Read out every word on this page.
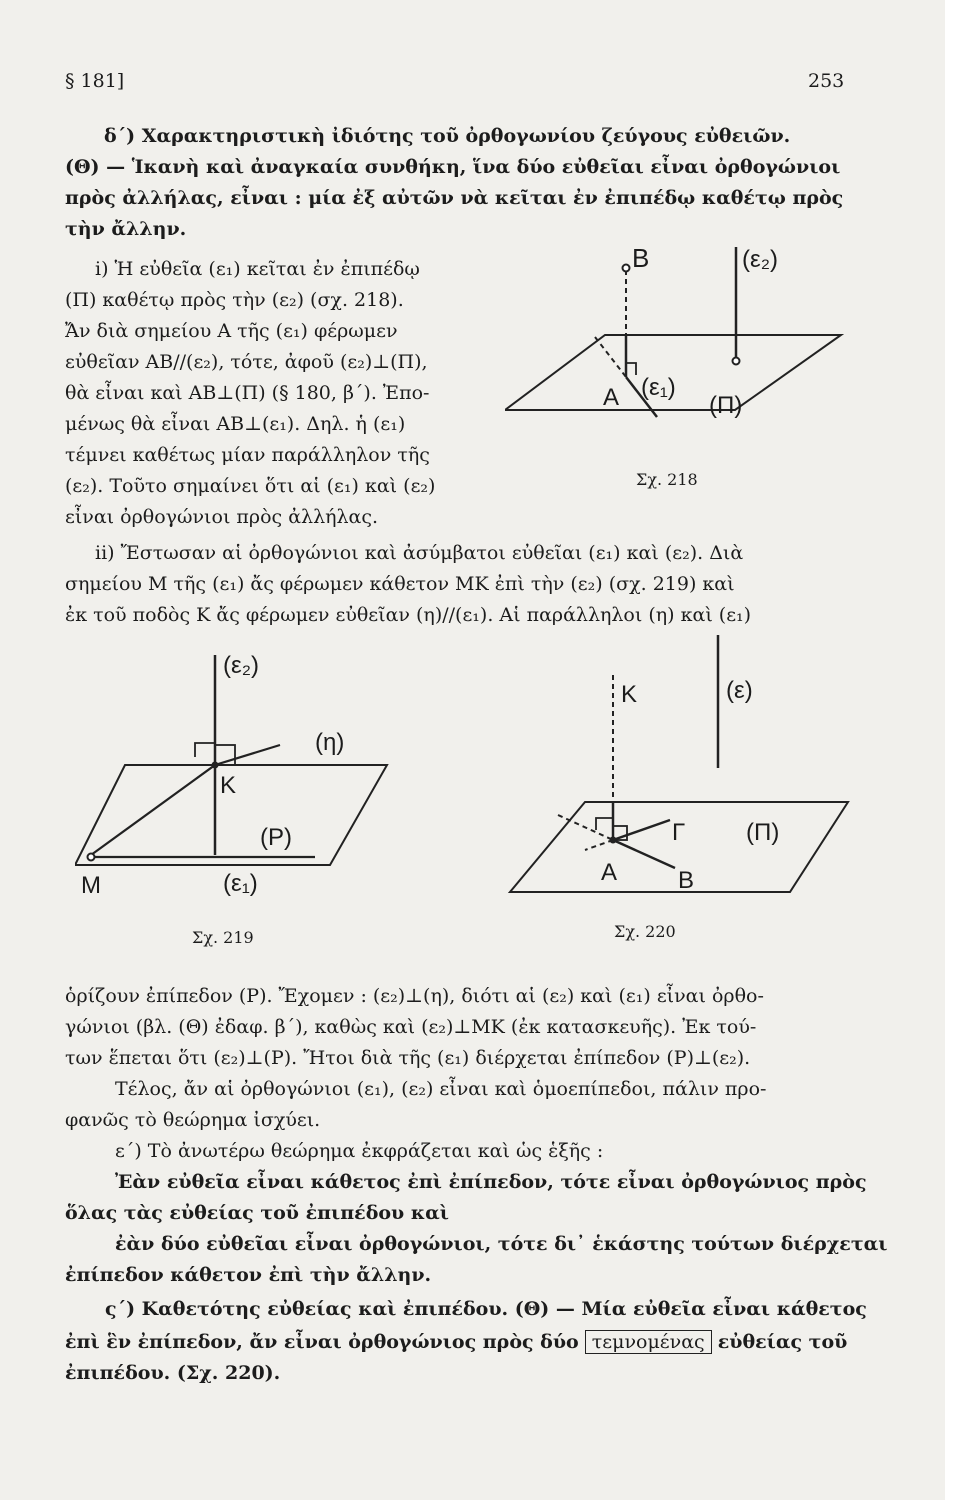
§ 181]	253
δ΄) Χαρακτηριστικὴ ἰδιότης τοῦ ὀρθογωνίου ζεύγους εὐθειῶν.
(Θ) — Ἱκανὴ καὶ ἀναγκαία συνθήκη, ἵνα δύο εὐθεῖαι εἶναι ὀρθογώνιοι
πρὸς ἀλλήλας, εἶναι : μία ἐξ αὐτῶν νὰ κεῖται ἐν ἐπιπέδῳ καθέτῳ πρὸς
τὴν ἄλλην.
i) Ἡ εὐθεῖα (ε₁) κεῖται ἐν ἐπιπέδῳ
(Π) καθέτῳ πρὸς τὴν (ε₂) (σχ. 218).
Ἄν διὰ σημείου Α τῆς (ε₁) φέρωμεν
εὐθεῖαν ΑΒ//(ε₂), τότε, ἀφοῦ (ε₂)⊥(Π),
θὰ εἶναι καὶ ΑΒ⊥(Π) (§ 180, β΄). Ἐπο-
μένως θὰ εἶναι ΑΒ⊥(ε₁). Δηλ. ἡ (ε₁)
τέμνει καθέτως μίαν παράλληλον τῆς
(ε₂). Τοῦτο σημαίνει ὅτι αἱ (ε₁) καὶ (ε₂)
εἶναι ὀρθογώνιοι πρὸς ἀλλήλας.
B	(ε₂)
A (ε₁)
(Π)
Σχ. 218
ii) Ἔστωσαν αἱ ὀρθογώνιοι καὶ ἀσύμβατοι εὐθεῖαι (ε₁) καὶ (ε₂). Διὰ
σημείου Μ τῆς (ε₁) ἄς φέρωμεν κάθετον ΜΚ ἐπὶ τὴν (ε₂) (σχ. 219) καὶ
ἐκ τοῦ ποδὸς Κ ἄς φέρωμεν εὐθεῖαν (η)//(ε₁). Αἱ παράλληλοι (η) καὶ (ε₁)
(ε₂)
(η)
K
(P)
M	(ε₁)
Σχ. 219
K	(ε)
Γ	(Π)
A	B
Σχ. 220
ὁρίζουν ἐπίπεδον (Ρ). Ἔχομεν : (ε₂)⊥(η), διότι αἱ (ε₂) καὶ (ε₁) εἶναι ὀρθο-
γώνιοι (βλ. (Θ) ἐδαφ. β΄), καθὼς καὶ (ε₂)⊥ΜΚ (ἐκ κατασκευῆς). Ἐκ τού-
των ἕπεται ὅτι (ε₂)⊥(Ρ). Ἤτοι διὰ τῆς (ε₁) διέρχεται ἐπίπεδον (Ρ)⊥(ε₂).
Τέλος, ἄν αἱ ὀρθογώνιοι (ε₁), (ε₂) εἶναι καὶ ὁμοεπίπεδοι, πάλιν προ-
φανῶς τὸ θεώρημα ἰσχύει.
ε΄) Τὸ ἀνωτέρω θεώρημα ἐκφράζεται καὶ ὡς ἑξῆς :
Ἐὰν εὐθεῖα εἶναι κάθετος ἐπὶ ἐπίπεδον, τότε εἶναι ὀρθογώνιος πρὸς
ὅλας τὰς εὐθείας τοῦ ἐπιπέδου καὶ
ἐὰν δύο εὐθεῖαι εἶναι ὀρθογώνιοι, τότε δι᾽ ἑκάστης τούτων διέρχεται
ἐπίπεδον κάθετον ἐπὶ τὴν ἄλλην.
ς΄) Καθετότης εὐθείας καὶ ἐπιπέδου. (Θ) — Μία εὐθεῖα εἶναι κάθετος
ἐπὶ ἓν ἐπίπεδον, ἄν εἶναι ὀρθογώνιος πρὸς δύο τεμνομένας εὐθείας τοῦ
ἐπιπέδου. (Σχ. 220).
